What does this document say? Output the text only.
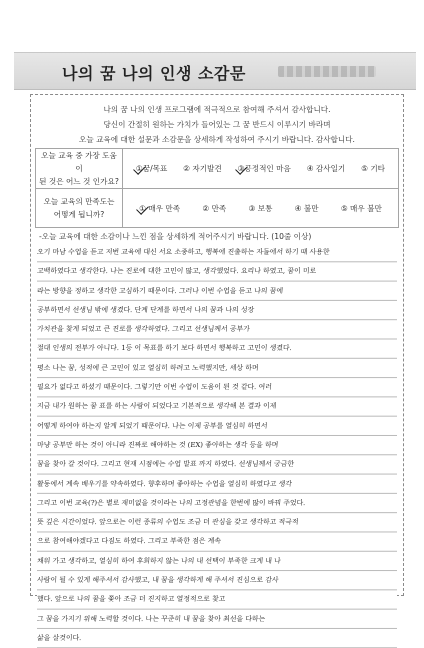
나의 꿈 나의 인생 소감문
나의 꿈 나의 인생 프로그램에 적극적으로 참여해 주셔서 감사합니다.
당신이 간절히 원하는 가치가 들어있는 그 꿈 반드시 이루시기 바라며
오늘 교육에 대한 설문과 소감문을 상세하게 작성하여 주시기 바랍니다. 감사합니다.
오늘 교육 중 가장 도움이
된 것은 어느 것 인가요?	①꿈/목표 ② 자기발견 ③긍정적인 마음 ④ 감사일기 ⑤ 기타

오늘 교육의 만족도는
어떻게 됩니까?	① 매우 만족 ② 만족 ③ 보통 ④ 불만 ⑤ 매우 불만
-오늘 교육에 대한 소감이나 느낀 점을 상세하게 적어주시기 바랍니다. (10줄 이상)
오기 마남 수업을 듣고 저번 교육에 대신 서요 소중하고, 행복에 진출하는 자들에서 하기 때 사용한
고백하였다고 생각한다. 나는 진로에 대한 고민이 많고, 생각했었다. 요리나 하였고, 꿈이 미로
라는 방향을 정하고 생각한 고심하기 때문이다. 그러나 이번 수업을 듣고 나의 꿈에
공부하면서 선생님 밖에 생겼다. 단계 단계를 하면서 나의 꿈과 나의 성장
가치관을 찾게 되었고 큰 진로를 생각하였다. 그리고 선생님께서 공부가
절대 인생의 전부가 아니다. 1등 이 목표를 하기 보다 하면서 행복하고 고민이 생겼다.
평소 나는 꿈, 성적에 큰 고민이 있고 열심히 하려고 노력했지만, 세상 하며
필요가 없다고 하셨기 때문이다. 그렇기만 이번 수업이 도움이 된 것 같다. 여러
지금 내가 원하는 꿈 표를 하는 사람이 되었다고 기본적으로 생각해 본 결과 이제
어떻게 하여야 하는지 알게 되었기 때문이다. 나는 이제 공부를 열심히 하면서
마냥 공부만 하는 것이 아니라 진짜로 해야하는 것 (EX) 좋아하는 생각 등을 하며
꿈을 찾아 갈 것이다. 그리고 현재 시점에는 수업 발표 까지 하였다. 선생님께서 궁금한
활동에서 계속 배우기를 약속하였다. 향후하며 좋아하는 수업을 열심히 하였다고 생각
그리고 이번 교육(?)은 별로 재미없을 것이라는 나의 고정관념을 한번에 많이 바꿔 주었다.
뜻 깊은 시간이었다. 앞으로는 이런 종류의 수업도 조금 더 관심을 갖고 생각하고 적극적
으로 참여해야겠다고 다짐도 하였다. 그리고 부족한 점은 계속
채워 가고 생각하고, 열심히 하여 후회하지 않는 나의 내 선택이 부족한 크게 내 나
사람이 될 수 있게 해주셔서 감사했고, 내 꿈을 생각하게 해 주셔서 진심으로 감사
했다. 앞으로 나의 꿈을 쫓아 조금 더 진지하고 열정적으로 찾고
그 꿈을 가지기 위해 노력할 것이다. 나는 꾸준히 내 꿈을 찾아 최선을 다하는
삶을 살것이다.
